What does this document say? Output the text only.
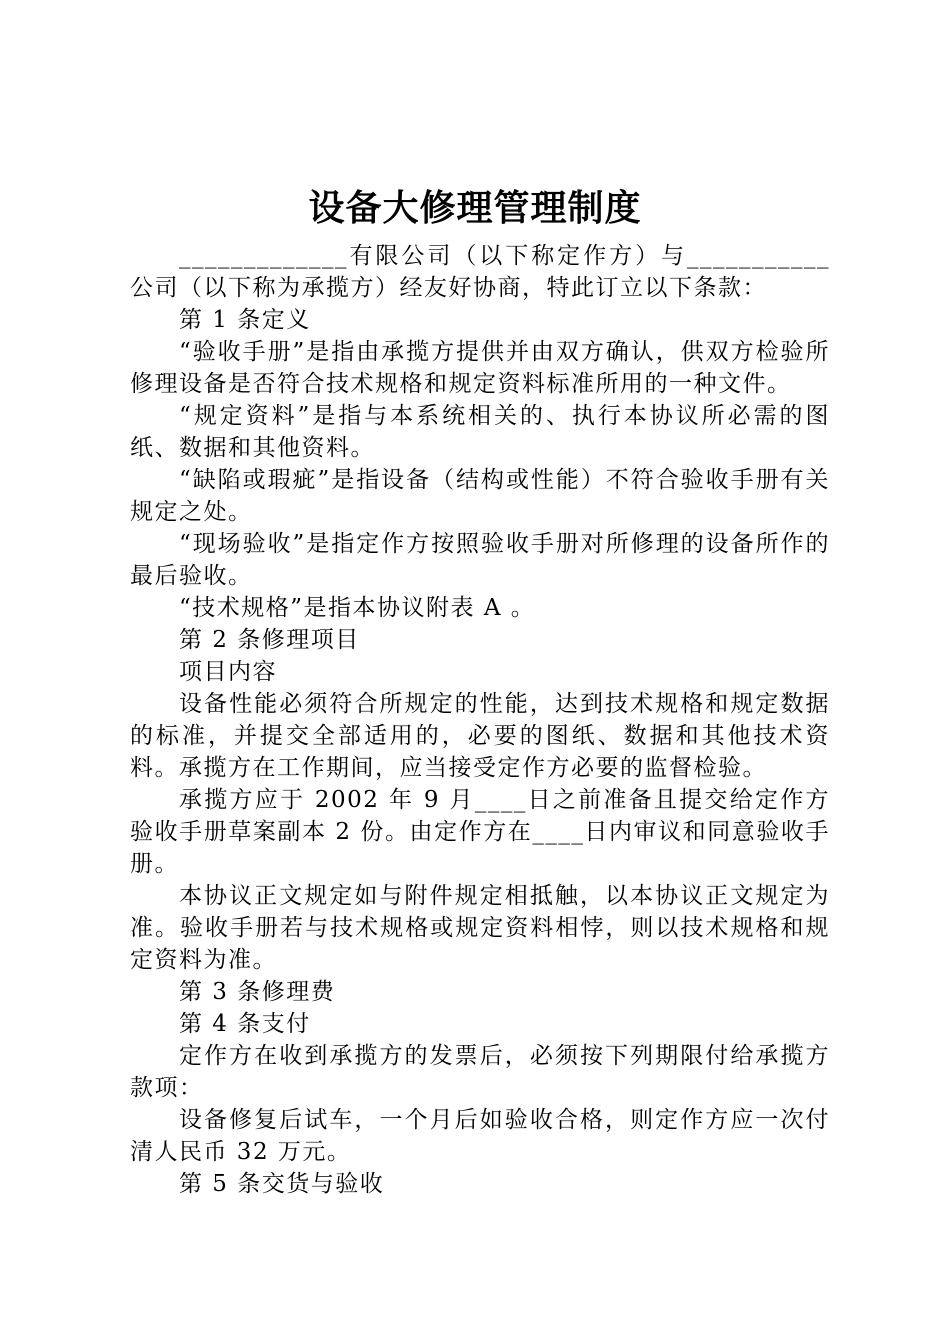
设备大修理管理制度

_____________有限公司（以下称定作方）与___________公司（以下称为承揽方）经友好协商，特此订立以下条款：

第 1 条定义

“验收手册”是指由承揽方提供并由双方确认，供双方检验所修理设备是否符合技术规格和规定资料标准所用的一种文件。

“规定资料”是指与本系统相关的、执行本协议所必需的图纸、数据和其他资料。

“缺陷或瑕疵”是指设备（结构或性能）不符合验收手册有关规定之处。

“现场验收”是指定作方按照验收手册对所修理的设备所作的最后验收。

“技术规格”是指本协议附表 A 。

第 2 条修理项目

项目内容

设备性能必须符合所规定的性能，达到技术规格和规定数据的标准，并提交全部适用的，必要的图纸、数据和其他技术资料。承揽方在工作期间，应当接受定作方必要的监督检验。

承揽方应于 2002 年 9 月____日之前准备且提交给定作方验收手册草案副本 2 份。由定作方在____日内审议和同意验收手册。

本协议正文规定如与附件规定相抵触，以本协议正文规定为准。验收手册若与技术规格或规定资料相悖，则以技术规格和规定资料为准。

第 3 条修理费

第 4 条支付

定作方在收到承揽方的发票后，必须按下列期限付给承揽方款项：

设备修复后试车，一个月后如验收合格，则定作方应一次付清人民币 32 万元。

第 5 条交货与验收
